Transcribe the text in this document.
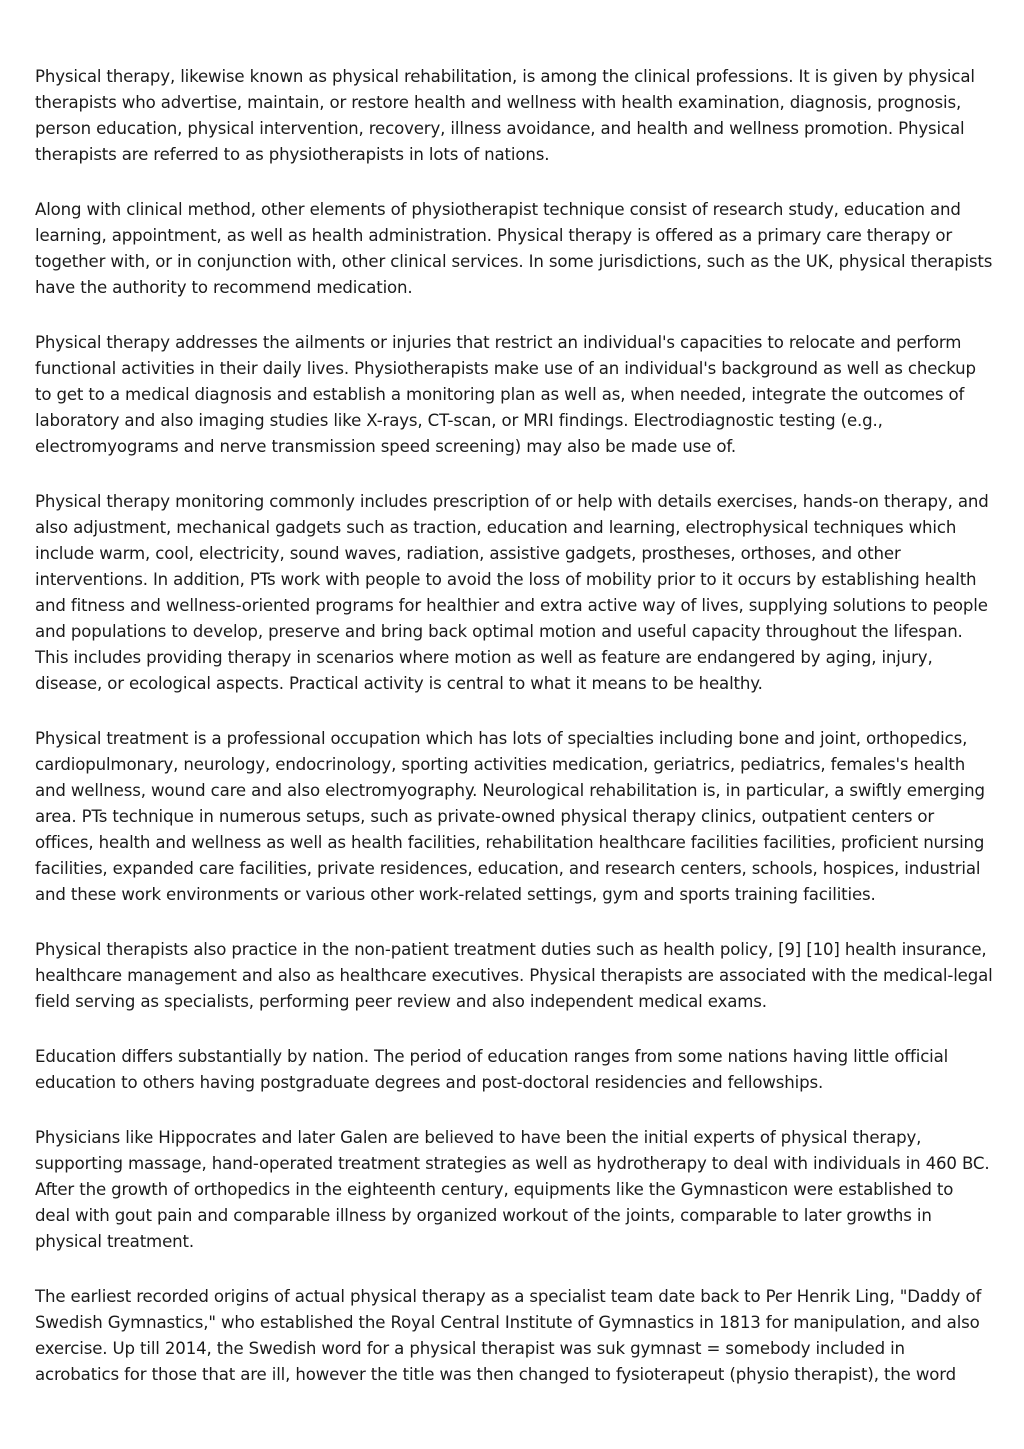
Physical therapy, likewise known as physical rehabilitation, is among the clinical professions. It is given by physical therapists who advertise, maintain, or restore health and wellness with health examination, diagnosis, prognosis, person education, physical intervention, recovery, illness avoidance, and health and wellness promotion. Physical therapists are referred to as physiotherapists in lots of nations.

Along with clinical method, other elements of physiotherapist technique consist of research study, education and learning, appointment, as well as health administration. Physical therapy is offered as a primary care therapy or together with, or in conjunction with, other clinical services. In some jurisdictions, such as the UK, physical therapists have the authority to recommend medication.

Physical therapy addresses the ailments or injuries that restrict an individual's capacities to relocate and perform functional activities in their daily lives. Physiotherapists make use of an individual's background as well as checkup to get to a medical diagnosis and establish a monitoring plan as well as, when needed, integrate the outcomes of laboratory and also imaging studies like X-rays, CT-scan, or MRI findings. Electrodiagnostic testing (e.g., electromyograms and nerve transmission speed screening) may also be made use of.

Physical therapy monitoring commonly includes prescription of or help with details exercises, hands-on therapy, and also adjustment, mechanical gadgets such as traction, education and learning, electrophysical techniques which include warm, cool, electricity, sound waves, radiation, assistive gadgets, prostheses, orthoses, and other interventions. In addition, PTs work with people to avoid the loss of mobility prior to it occurs by establishing health and fitness and wellness-oriented programs for healthier and extra active way of lives, supplying solutions to people and populations to develop, preserve and bring back optimal motion and useful capacity throughout the lifespan. This includes providing therapy in scenarios where motion as well as feature are endangered by aging, injury, disease, or ecological aspects. Practical activity is central to what it means to be healthy.

Physical treatment is a professional occupation which has lots of specialties including bone and joint, orthopedics, cardiopulmonary, neurology, endocrinology, sporting activities medication, geriatrics, pediatrics, females's health and wellness, wound care and also electromyography. Neurological rehabilitation is, in particular, a swiftly emerging area. PTs technique in numerous setups, such as private-owned physical therapy clinics, outpatient centers or offices, health and wellness as well as health facilities, rehabilitation healthcare facilities facilities, proficient nursing facilities, expanded care facilities, private residences, education, and research centers, schools, hospices, industrial and these work environments or various other work-related settings, gym and sports training facilities.

Physical therapists also practice in the non-patient treatment duties such as health policy, [9] [10] health insurance, healthcare management and also as healthcare executives. Physical therapists are associated with the medical-legal field serving as specialists, performing peer review and also independent medical exams.

Education differs substantially by nation. The period of education ranges from some nations having little official education to others having postgraduate degrees and post-doctoral residencies and fellowships.

Physicians like Hippocrates and later Galen are believed to have been the initial experts of physical therapy, supporting massage, hand-operated treatment strategies as well as hydrotherapy to deal with individuals in 460 BC. After the growth of orthopedics in the eighteenth century, equipments like the Gymnasticon were established to deal with gout pain and comparable illness by organized workout of the joints, comparable to later growths in physical treatment.

The earliest recorded origins of actual physical therapy as a specialist team date back to Per Henrik Ling, "Daddy of Swedish Gymnastics," who established the Royal Central Institute of Gymnastics in 1813 for manipulation, and also exercise. Up till 2014, the Swedish word for a physical therapist was suk gymnast = somebody included in acrobatics for those that are ill, however the title was then changed to fysioterapeut (physio therapist), the word
